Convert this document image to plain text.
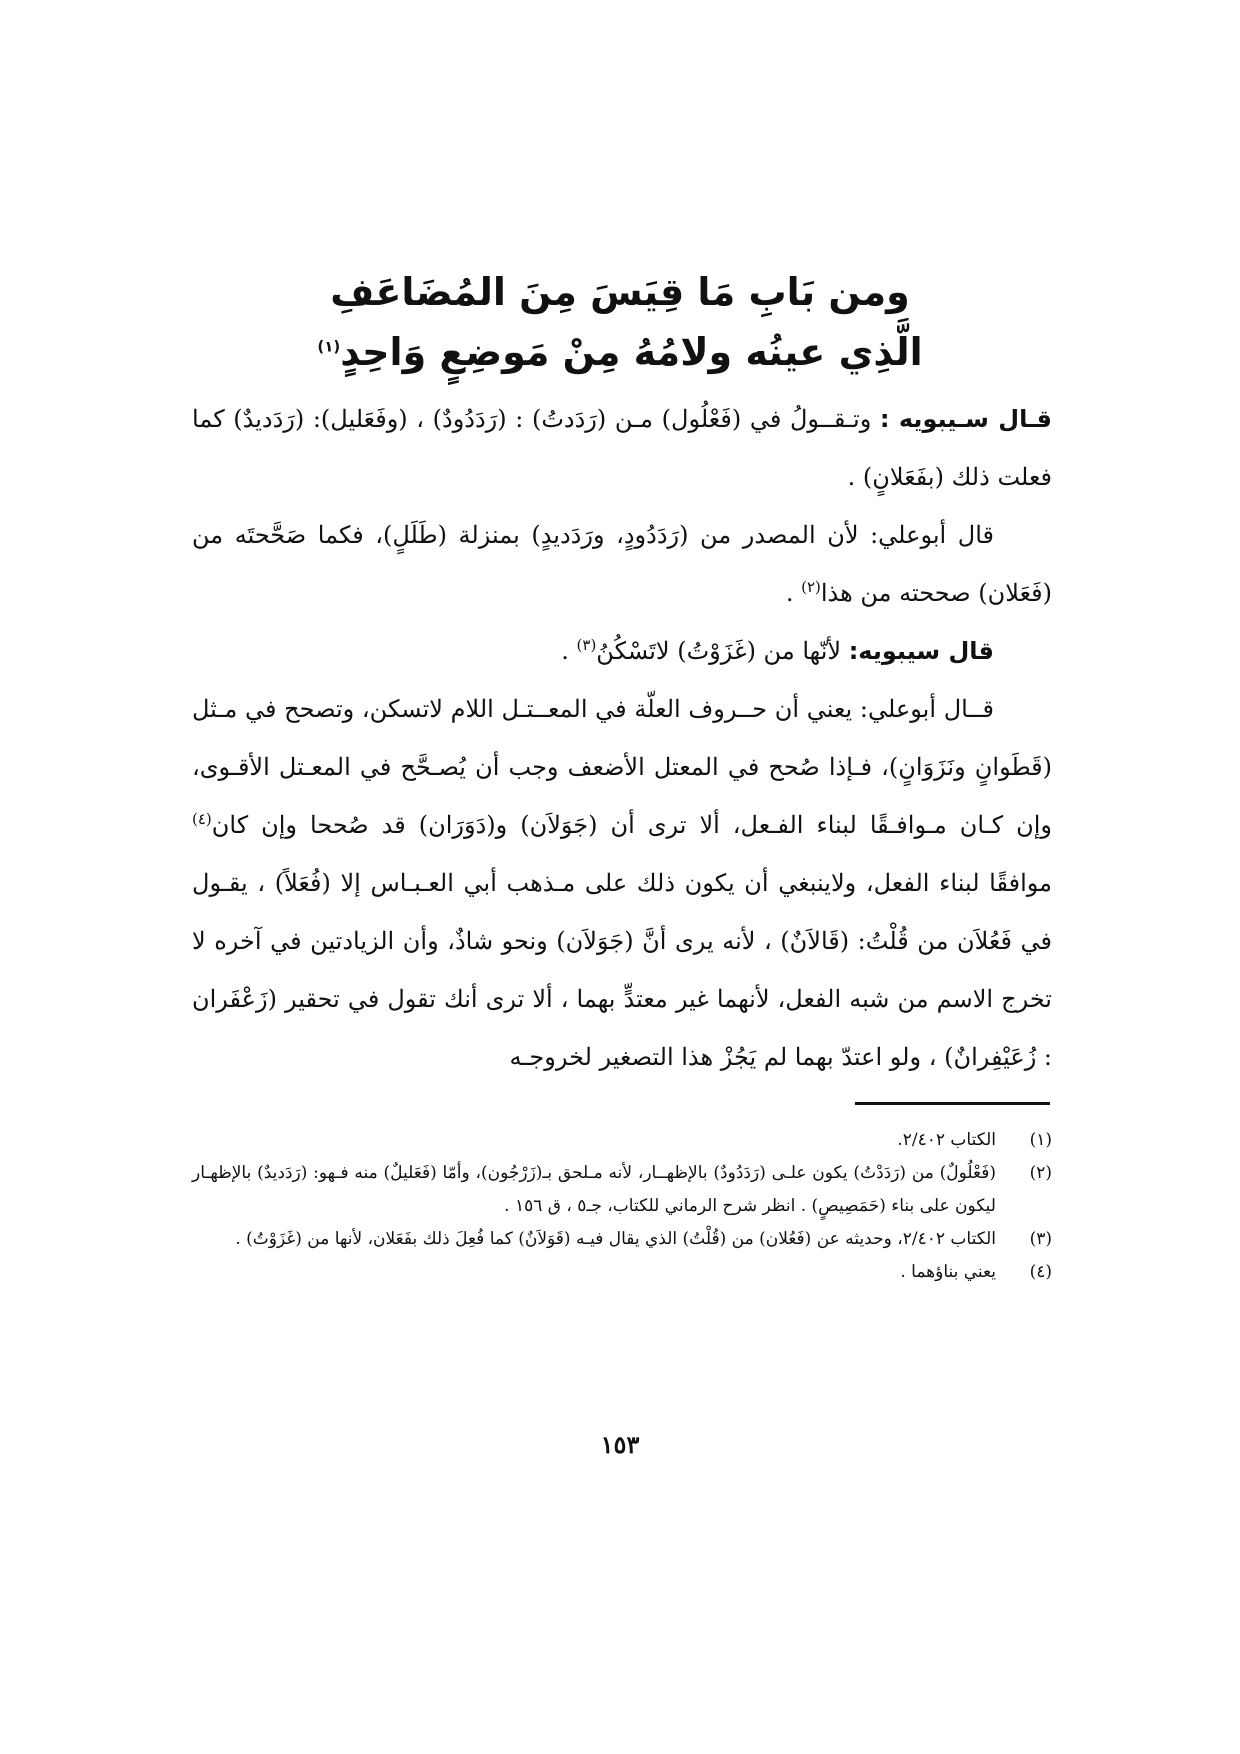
ومن بَابِ مَا قِيَسَ مِنَ المُضَاعَفِ
الَّذِي عينُه ولامُهُ مِنْ مَوضِعٍ وَاحِدٍ$^{(١)}$

قـال سـيبويه : وتـقــولُ في (فَعْلُول) مـن (رَدَدتُ) : (رَدَدُودٌ) ، (وفَعَليل): (رَدَديدٌ) كما فعلت ذلك (بفَعَلانٍ) .

قال أبوعلي: لأن المصدر من (رَدَدُودٍ، ورَدَديدٍ) بمنزلة (طَلَلٍ)، فكما صَحَّحتَه من (فَعَلان) صححته من هذا$^{(٢)}$ .

قال سيبويه: لأنّها من (غَزَوْتُ) لاتَسْكُنُ$^{(٣)}$ .

قــال أبوعلي: يعني أن حــروف العلّة في المعــتـل اللام لاتسكن، وتصحح في مـثل (قَطَوانٍ ونَزَوَانٍ)، فـإذا صُحح في المعتل الأضعف وجب أن يُصـحَّح في المعـتل الأقـوى، وإن كـان مـوافـقًا لبناء الفـعل، ألا ترى أن (جَوَلاَن) و(دَوَرَان) قد صُححا وإن كان$^{(٤)}$ موافقًا لبناء الفعل، ولاينبغي أن يكون ذلك على مـذهب أبي العـبـاس إلا (فُعَلاً) ، يقـول في فَعُلاَن من قُلْتُ: (قَالاَنٌ) ، لأنه يرى أنَّ (جَوَلاَن) ونحو شاذٌ، وأن الزيادتين في آخره لا تخرج الاسم من شبه الفعل، لأنهما غير معتدٍّ بهما ، ألا ترى أنك تقول في تحقير (زَعْفَران : زُعَيْفِرانٌ) ، ولو اعتدّ بهما لم يَجُزْ هذا التصغير لخروجـه

(١)
الكتاب ٢/٤٠٢.
(٢)
(فَعْلُولٌ) من (رَدَدْتُ) يكون علـى (رَدَدُودٌ) بالإظهــار، لأنه مـلحق بـ(زَرْجُون)، وأمّا (فَعَليلٌ) منه فـهو: (رَدَديدٌ) بالإظهـار ليكون على بناء (حَمَصِيصٍ) . انظر شرح الرماني للكتاب، جـ٥ ، ق ١٥٦ .
(٣)
الكتاب ٢/٤٠٢، وحديثه عن (فَعُلان) من (قُلْتُ) الذي يقال فيـه (قَوَلاَنٌ) كما فُعِلَ ذلك بفَعَلان، لأنها من (غَزَوْتُ) .
(٤)
يعني بناؤهما .
١٥٣
